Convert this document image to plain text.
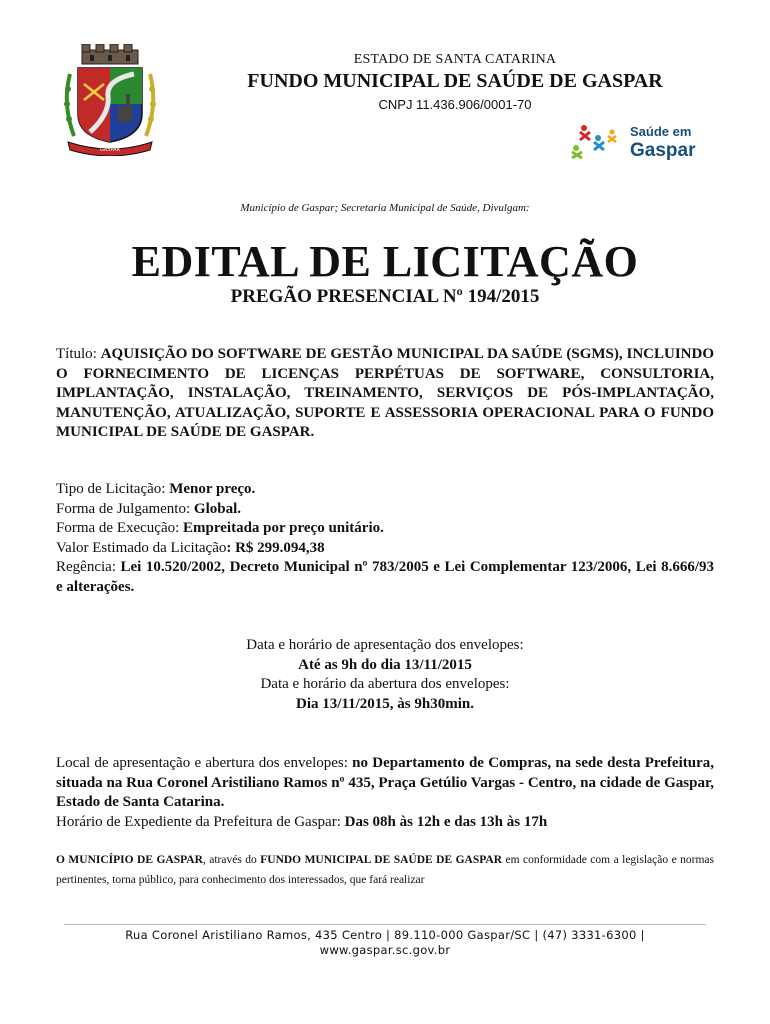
GASPAR
Saúde em
Gaspar
ESTADO DE SANTA CATARINA
FUNDO MUNICIPAL DE SAÚDE DE GASPAR
CNPJ 11.436.906/0001-70
Município de Gaspar; Secretaria Municipal de Saúde, Divulgam:
EDITAL DE LICITAÇÃO
PREGÃO PRESENCIAL Nº 194/2015
Título: AQUISIÇÃO DO SOFTWARE DE GESTÃO MUNICIPAL DA SAÚDE (SGMS), INCLUINDO O FORNECIMENTO DE LICENÇAS PERPÉTUAS DE SOFTWARE, CONSULTORIA, IMPLANTAÇÃO, INSTALAÇÃO, TREINAMENTO, SERVIÇOS DE PÓS-IMPLANTAÇÃO, MANUTENÇÃO, ATUALIZAÇÃO, SUPORTE E ASSESSORIA OPERACIONAL PARA O FUNDO MUNICIPAL DE SAÚDE DE GASPAR.
Tipo de Licitação: Menor preço.
Forma de Julgamento: Global.
Forma de Execução: Empreitada por preço unitário.
Valor Estimado da Licitação: R$ 299.094,38
Regência: Lei 10.520/2002, Decreto Municipal nº 783/2005 e Lei Complementar 123/2006, Lei 8.666/93 e alterações.
Data e horário de apresentação dos envelopes:
Até as 9h do dia 13/11/2015
Data e horário da abertura dos envelopes:
Dia 13/11/2015, às 9h30min.
Local de apresentação e abertura dos envelopes: no Departamento de Compras, na sede desta Prefeitura, situada na Rua Coronel Aristiliano Ramos nº 435, Praça Getúlio Vargas - Centro, na cidade de Gaspar, Estado de Santa Catarina.
Horário de Expediente da Prefeitura de Gaspar: Das 08h às 12h e das 13h às 17h
O MUNICÍPIO DE GASPAR, através do FUNDO MUNICIPAL DE SAÚDE DE GASPAR em conformidade com a legislação e normas pertinentes, torna público, para conhecimento dos interessados, que fará realizar
Rua Coronel Aristiliano Ramos, 435 Centro | 89.110-000 Gaspar/SC | (47) 3331-6300 |
www.gaspar.sc.gov.br
